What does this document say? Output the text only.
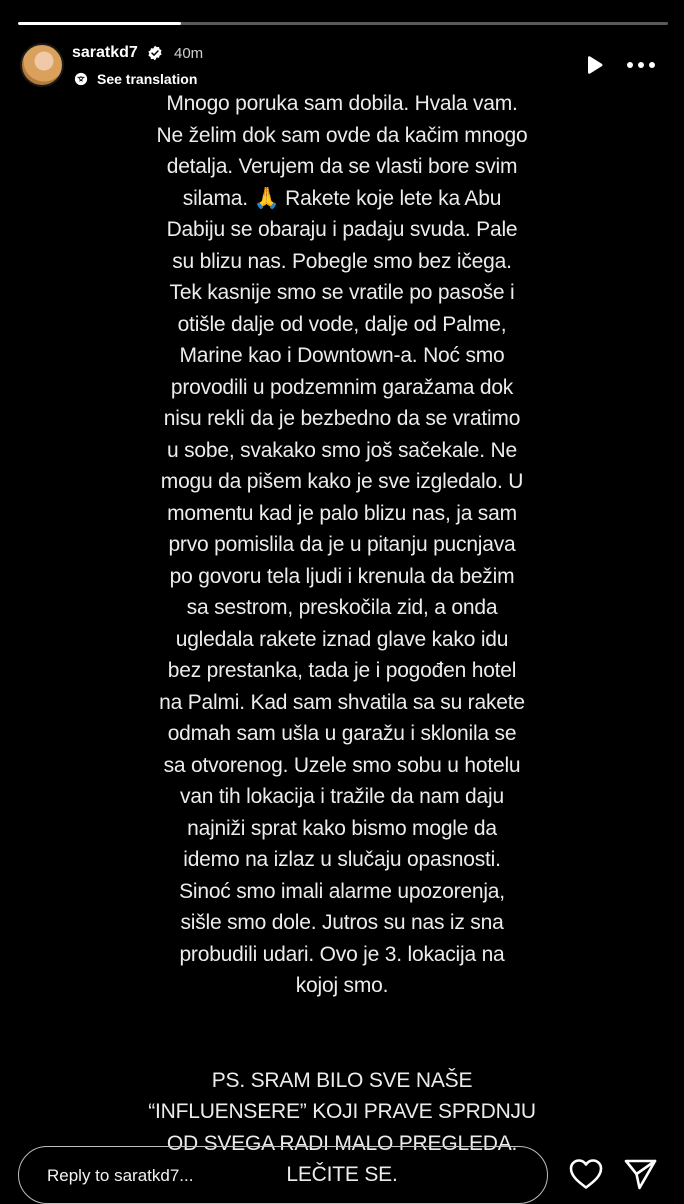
saratkd7 40m
See translation
Mnogo poruka sam dobila. Hvala vam.
Ne želim dok sam ovde da kačim mnogo
detalja. Verujem da se vlasti bore svim
silama. 🙏 Rakete koje lete ka Abu
Dabiju se obaraju i padaju svuda. Pale
su blizu nas. Pobegle smo bez ičega.
Tek kasnije smo se vratile po pasoše i
otišle dalje od vode, dalje od Palme,
Marine kao i Downtown-a. Noć smo
provodili u podzemnim garažama dok
nisu rekli da je bezbedno da se vratimo
u sobe, svakako smo još sačekale. Ne
mogu da pišem kako je sve izgledalo. U
momentu kad je palo blizu nas, ja sam
prvo pomislila da je u pitanju pucnjava
po govoru tela ljudi i krenula da bežim
sa sestrom, preskočila zid, a onda
ugledala rakete iznad glave kako idu
bez prestanka, tada je i pogođen hotel
na Palmi. Kad sam shvatila sa su rakete
odmah sam ušla u garažu i sklonila se
sa otvorenog. Uzele smo sobu u hotelu
van tih lokacija i tražile da nam daju
najniži sprat kako bismo mogle da
idemo na izlaz u slučaju opasnosti.
Sinoć smo imali alarme upozorenja,
sišle smo dole. Jutros su nas iz sna
probudili udari. Ovo je 3. lokacija na
kojoj smo.
PS. SRAM BILO SVE NAŠE
“INFLUENSERE” KOJI PRAVE SPRDNJU
OD SVEGA RADI MALO PREGLEDA.
LEČITE SE.
Reply to saratkd7...
